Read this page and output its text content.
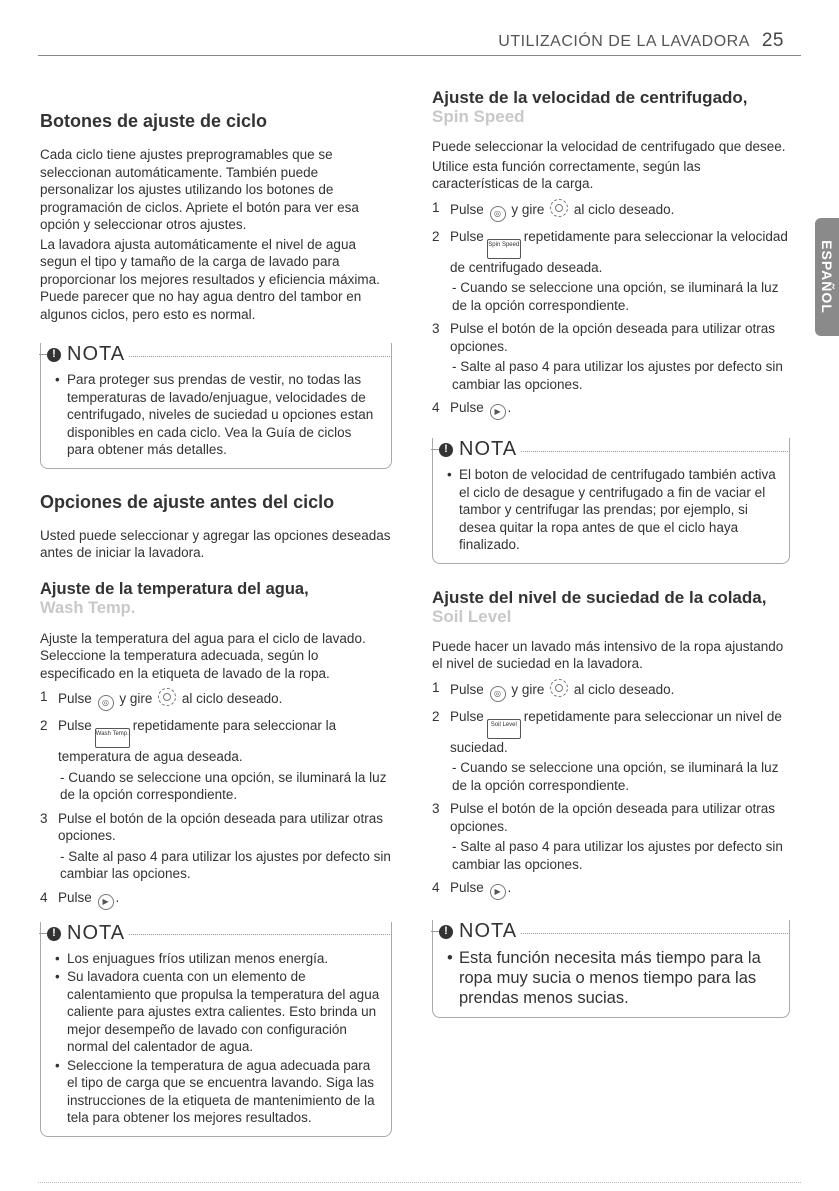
UTILIZACIÓN DE LA LAVADORA 25
ESPAÑOL
Botones de ajuste de ciclo

Cada ciclo tiene ajustes preprogramables que se seleccionan automáticamente. También puede personalizar los ajustes utilizando los botones de programación de ciclos. Apriete el botón para ver esa opción y seleccionar otros ajustes.

La lavadora ajusta automáticamente el nivel de agua segun el tipo y tamaño de la carga de lavado para proporcionar los mejores resultados y eficiencia máxima. Puede parecer que no hay agua dentro del tambor en algunos ciclos, pero esto es normal.

! NOTA
• Para proteger sus prendas de vestir, no todas las temperaturas de lavado/enjuague, velocidades de centrifugado, niveles de suciedad u opciones estan disponibles en cada ciclo. Vea la Guía de ciclos para obtener más detalles.
Opciones de ajuste antes del ciclo

Usted puede seleccionar y agregar las opciones deseadas antes de iniciar la lavadora.

Ajuste de la temperatura del agua,
Wash Temp.

Ajuste la temperatura del agua para el ciclo de lavado. Seleccione la temperatura adecuada, según lo especificado en la etiqueta de lavado de la ropa.

1 Pulse ◎ y gire al ciclo deseado.
2 PulseWash Temp.repetidamente para seleccionar la temperatura de agua deseada.
- Cuando se seleccione una opción, se iluminará la luz de la opción correspondiente.
3 Pulse el botón de la opción deseada para utilizar otras opciones.
- Salte al paso 4 para utilizar los ajustes por defecto sin cambiar las opciones.
4 Pulse ▶ .
! NOTA
• Los enjuagues fríos utilizan menos energía.
• Su lavadora cuenta con un elemento de calentamiento que propulsa la temperatura del agua caliente para ajustes extra calientes. Esto brinda un mejor desempeño de lavado con configuración normal del calentador de agua.
• Seleccione la temperatura de agua adecuada para el tipo de carga que se encuentra lavando. Siga las instrucciones de la etiqueta de mantenimiento de la tela para obtener los mejores resultados.
Ajuste de la velocidad de centrifugado,
Spin Speed

Puede seleccionar la velocidad de centrifugado que desee.

Utilice esta función correctamente, según las características de la carga.

1 Pulse ◎ y gire al ciclo deseado.
2 PulseSpin Speedrepetidamente para seleccionar la velocidad de centrifugado deseada.
- Cuando se seleccione una opción, se iluminará la luz de la opción correspondiente.
3 Pulse el botón de la opción deseada para utilizar otras opciones.
- Salte al paso 4 para utilizar los ajustes por defecto sin cambiar las opciones.
4 Pulse ▶ .
! NOTA
• El boton de velocidad de centrifugado también activa el ciclo de desague y centrifugado a fin de vaciar el tambor y centrifugar las prendas; por ejemplo, si desea quitar la ropa antes de que el ciclo haya finalizado.
Ajuste del nivel de suciedad de la colada,
Soil Level

Puede hacer un lavado más intensivo de la ropa ajustando el nivel de suciedad en la lavadora.

1 Pulse ◎ y gire al ciclo deseado.
2 PulseSoil Levelrepetidamente para seleccionar un nivel de suciedad.
- Cuando se seleccione una opción, se iluminará la luz de la opción correspondiente.
3 Pulse el botón de la opción deseada para utilizar otras opciones.
- Salte al paso 4 para utilizar los ajustes por defecto sin cambiar las opciones.
4 Pulse ▶ .
! NOTA
• Esta función necesita más tiempo para la ropa muy sucia o menos tiempo para las prendas menos sucias.
